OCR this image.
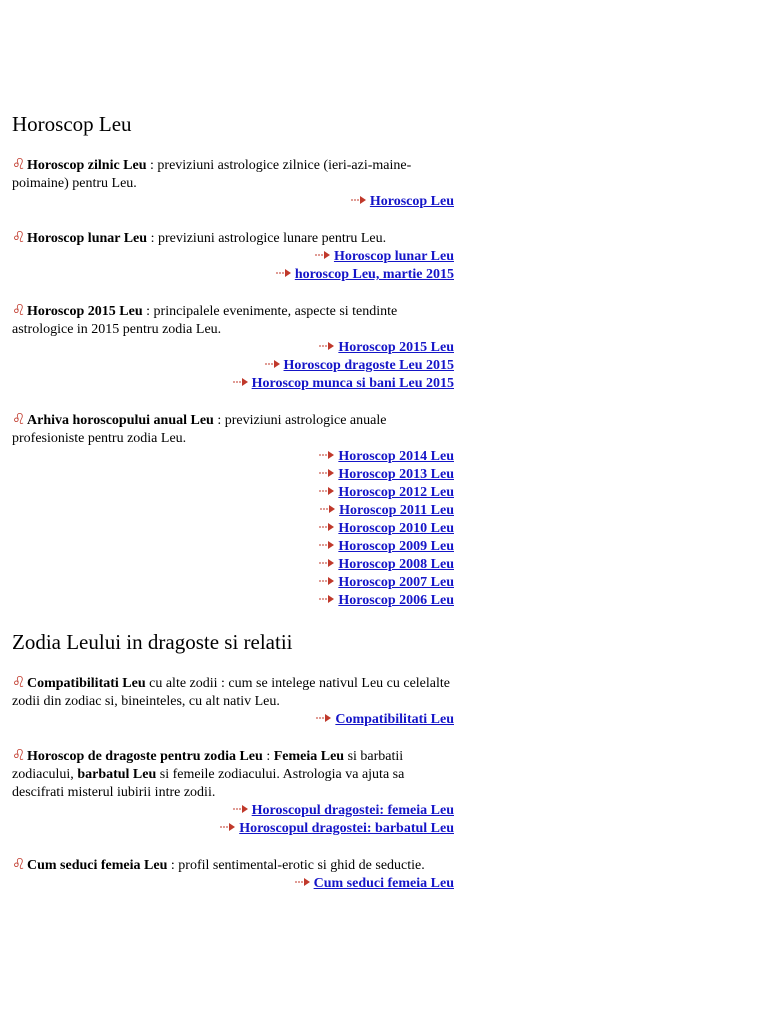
Horoscop Leu

♌︎ Horoscop zilnic Leu : previziuni astrologice zilnice (ieri-azi-maine-poimaine) pentru Leu.

Horoscop Leu

♌︎ Horoscop lunar Leu : previziuni astrologice lunare pentru Leu.

Horoscop lunar Leu
horoscop Leu, martie 2015

♌︎ Horoscop 2015 Leu : principalele evenimente, aspecte si tendinte astrologice in 2015 pentru zodia Leu.

Horoscop 2015 Leu
Horoscop dragoste Leu 2015
Horoscop munca si bani Leu 2015

♌︎ Arhiva horoscopului anual Leu : previziuni astrologice anuale profesioniste pentru zodia Leu.

Horoscop 2014 Leu
Horoscop 2013 Leu
Horoscop 2012 Leu
Horoscop 2011 Leu
Horoscop 2010 Leu
Horoscop 2009 Leu
Horoscop 2008 Leu
Horoscop 2007 Leu
Horoscop 2006 Leu
Zodia Leului in dragoste si relatii

♌︎ Compatibilitati Leu cu alte zodii : cum se intelege nativul Leu cu celelalte zodii din zodiac si, bineinteles, cu alt nativ Leu.

Compatibilitati Leu

♌︎ Horoscop de dragoste pentru zodia Leu : Femeia Leu si barbatii zodiacului, barbatul Leu si femeile zodiacului. Astrologia va ajuta sa descifrati misterul iubirii intre zodii.

Horoscopul dragostei: femeia Leu
Horoscopul dragostei: barbatul Leu

♌︎ Cum seduci femeia Leu : profil sentimental-erotic si ghid de seductie.

Cum seduci femeia Leu
